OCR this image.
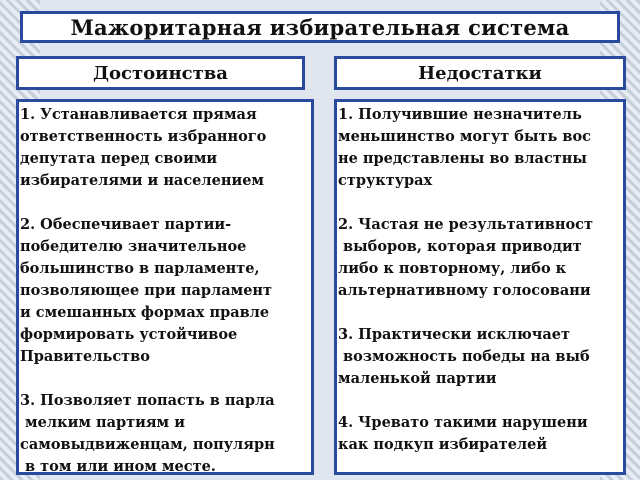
Мажоритарная избирательная система
Достоинства	Недостатки
1. Устанавливается прямая
ответственность избранного
депутата перед своими
избирателями и населением

2. Обеспечивает партии-
победителю значительное
большинство в парламенте,
позволяющее при парламент
и смешанных формах правле
формировать устойчивое
Правительство

3. Позволяет попасть в парла
мелким партиям и
самовыдвиженцам, популярн
в том или ином месте.
1. Получившие незначитель
меньшинство могут быть вос
не представлены во властны
структурах

2. Частая не результативност
выборов, которая приводит
либо к повторному, либо к
альтернативному голосовани

3. Практически исключает
возможность победы на выб
маленькой партии

4. Чревато такими нарушени
как подкуп избирателей
